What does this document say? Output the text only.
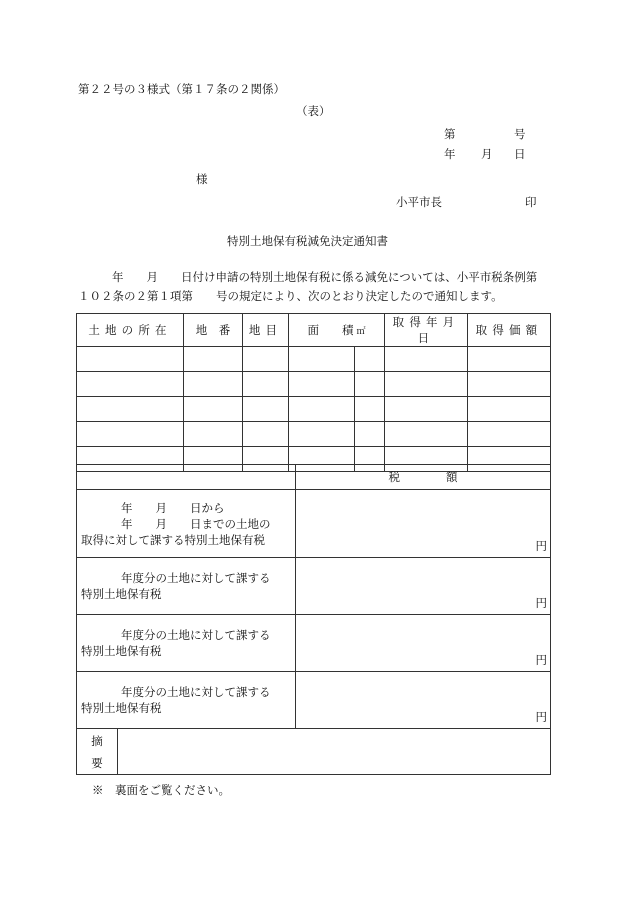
第２２号の３様式（第１７条の２関係）
（表）
第	号
年 月 日
様
小平市長	印
特別土地保有税減免決定通知書
年　　月　　日付け申請の特別土地保有税に係る減免については、小平市税条例第
１０２条の２第１項第　　号の規定により、次のとおり決定したので通知します。
土地の所在	地　番	地目	面　　積 ㎡		取得年月日	取得価額

		税　　　　額

年　　月　　日から
年　　月　　日までの土地の
取得に対して課する特別土地保有税		円

年度分の土地に対して課する
特別土地保有税		円

年度分の土地に対して課する
特別土地保有税		円

年度分の土地に対して課する
特別土地保有税		円

摘
要		

※　裏面をご覧ください。
